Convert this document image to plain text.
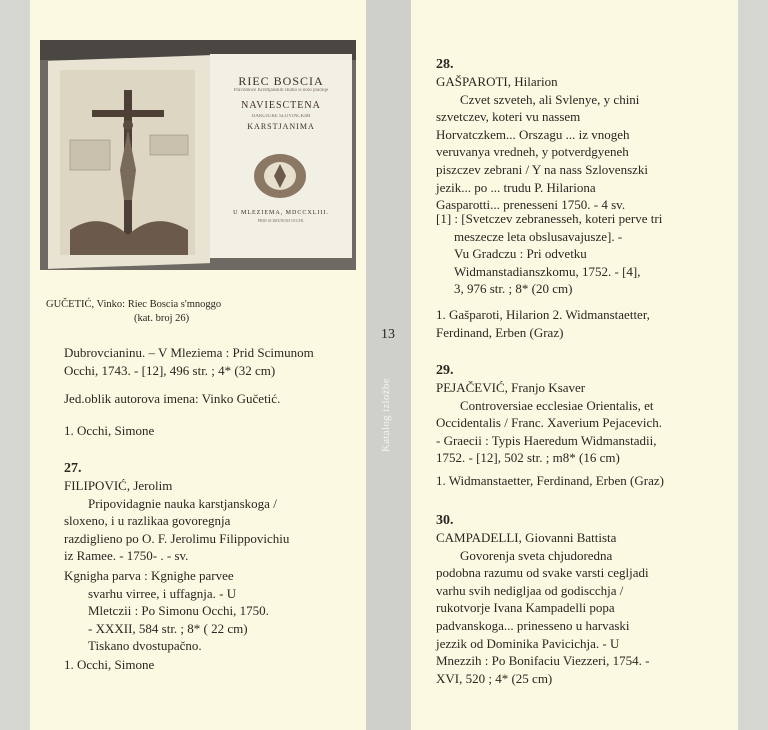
13
Katalog izložbe
RIEC BOSCIA
Pravomoce Krrsttjanskih studiò is nolo praolije
NAVIESCTENA
DARUJURE SLOVINCKIM
KARSTJANIMA
U MLEZIEMA, MDCCXLIII.
PRID SCIMUNOM OCCHI.
GUČETIĆ, Vinko: Riec Boscia s'mnoggo
(kat. broj 26)
Dubrovcianinu. – V Mleziema : Prid Scimunom
Occhi, 1743. - [12], 496 str. ; 4* (32 cm)
Jed.oblik autorova imena: Vinko Gučetić.
1. Occhi, Simone
27.
FILIPOVIĆ, Jerolim
Pripovidagnie nauka karstjanskoga /
sloxeno, i u razlikaa govoregnja
razdiglieno po O. F. Jerolimu Filippovichiu
iz Ramee. - 1750- . - sv.
Kgnigha parva : Kgnighe parvee
svarhu virree, i uffagnja. - U
Mletczii : Po Simonu Occhi, 1750.
- XXXII, 584 str. ; 8* ( 22 cm)
Tiskano dvostupačno.
1. Occhi, Simone
28.
GAŠPAROTI, Hilarion
Czvet szveteh, ali Svlenye, y chini
szvetczev, koteri vu nassem
Horvatczkem... Orszagu ... iz vnogeh
veruvanya vredneh, y potverdgyeneh
piszczev zebrani / Y na nass Szlovenszki
jezik... po ... trudu P. Hilariona
Gasparotti... prenesseni 1750. - 4 sv.
[1] : [Svetczev zebranesseh, koteri perve tri
meszecze leta obslusavajusze]. -
Vu Gradczu : Pri odvetku
Widmanstadianszkomu, 1752. - [4],
3, 976 str. ; 8* (20 cm)
1. Gašparoti, Hilarion 2. Widmanstaetter,
Ferdinand, Erben (Graz)
29.
PEJAČEVIĆ, Franjo Ksaver
Controversiae ecclesiae Orientalis, et
Occidentalis / Franc. Xaverium Pejacevich.
- Graecii : Typis Haeredum Widmanstadii,
1752. - [12], 502 str. ; m8* (16 cm)
1. Widmanstaetter, Ferdinand, Erben (Graz)
30.
CAMPADELLI, Giovanni Battista
Govorenja sveta chjudoredna
podobna razumu od svake varsti cegljadi
varhu svih nedigljaa od godiscchja /
rukotvorje Ivana Kampadelli popa
padvanskoga... prinesseno u harvaski
jezzik od Dominika Pavicichja. - U
Mnezzih : Po Bonifaciu Viezzeri, 1754. -
XVI, 520 ; 4* (25 cm)
